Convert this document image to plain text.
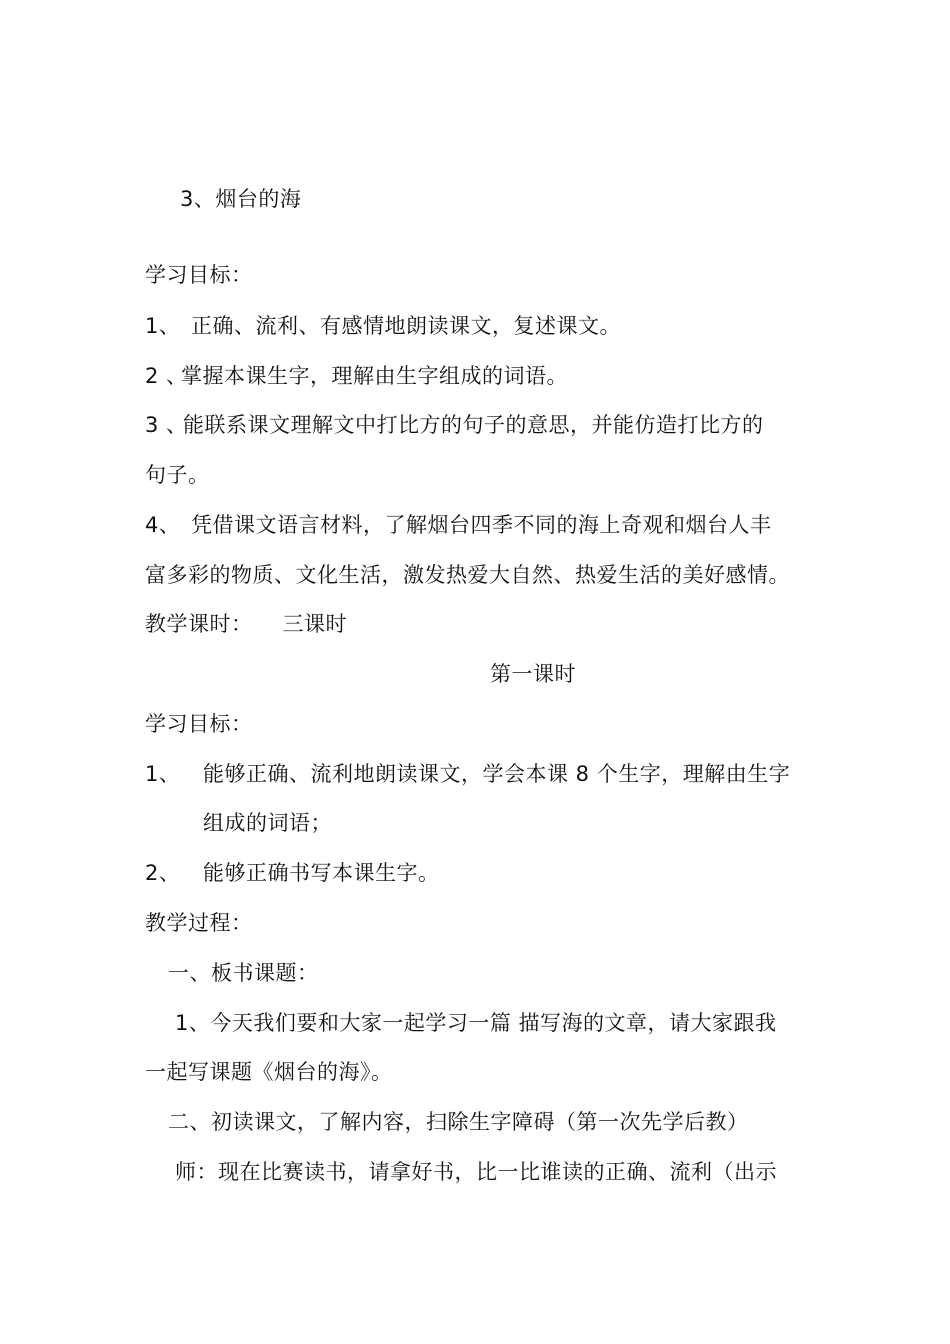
3、烟台的海
学习目标：
1、 正确、流利、有感情地朗读课文，复述课文。
2 、掌握本课生字，理解由生字组成的词语。
3 、能联系课文理解文中打比方的句子的意思，并能仿造打比方的
句子。
4、 凭借课文语言材料，了解烟台四季不同的海上奇观和烟台人丰
富多彩的物质、文化生活，激发热爱大自然、热爱生活的美好感情。
教学课时： 三课时
第一课时
学习目标：
1、 能够正确、流利地朗读课文，学会本课 8 个生字，理解由生字
组成的词语；
2、 能够正确书写本课生字。
教学过程：
一、板书课题：
1、今天我们要和大家一起学习一篇 描写海的文章，请大家跟我
一起写课题《烟台的海》。
二、初读课文，了解内容，扫除生字障碍（第一次先学后教）
师：现在比赛读书，请拿好书，比一比谁读的正确、流利（出示
